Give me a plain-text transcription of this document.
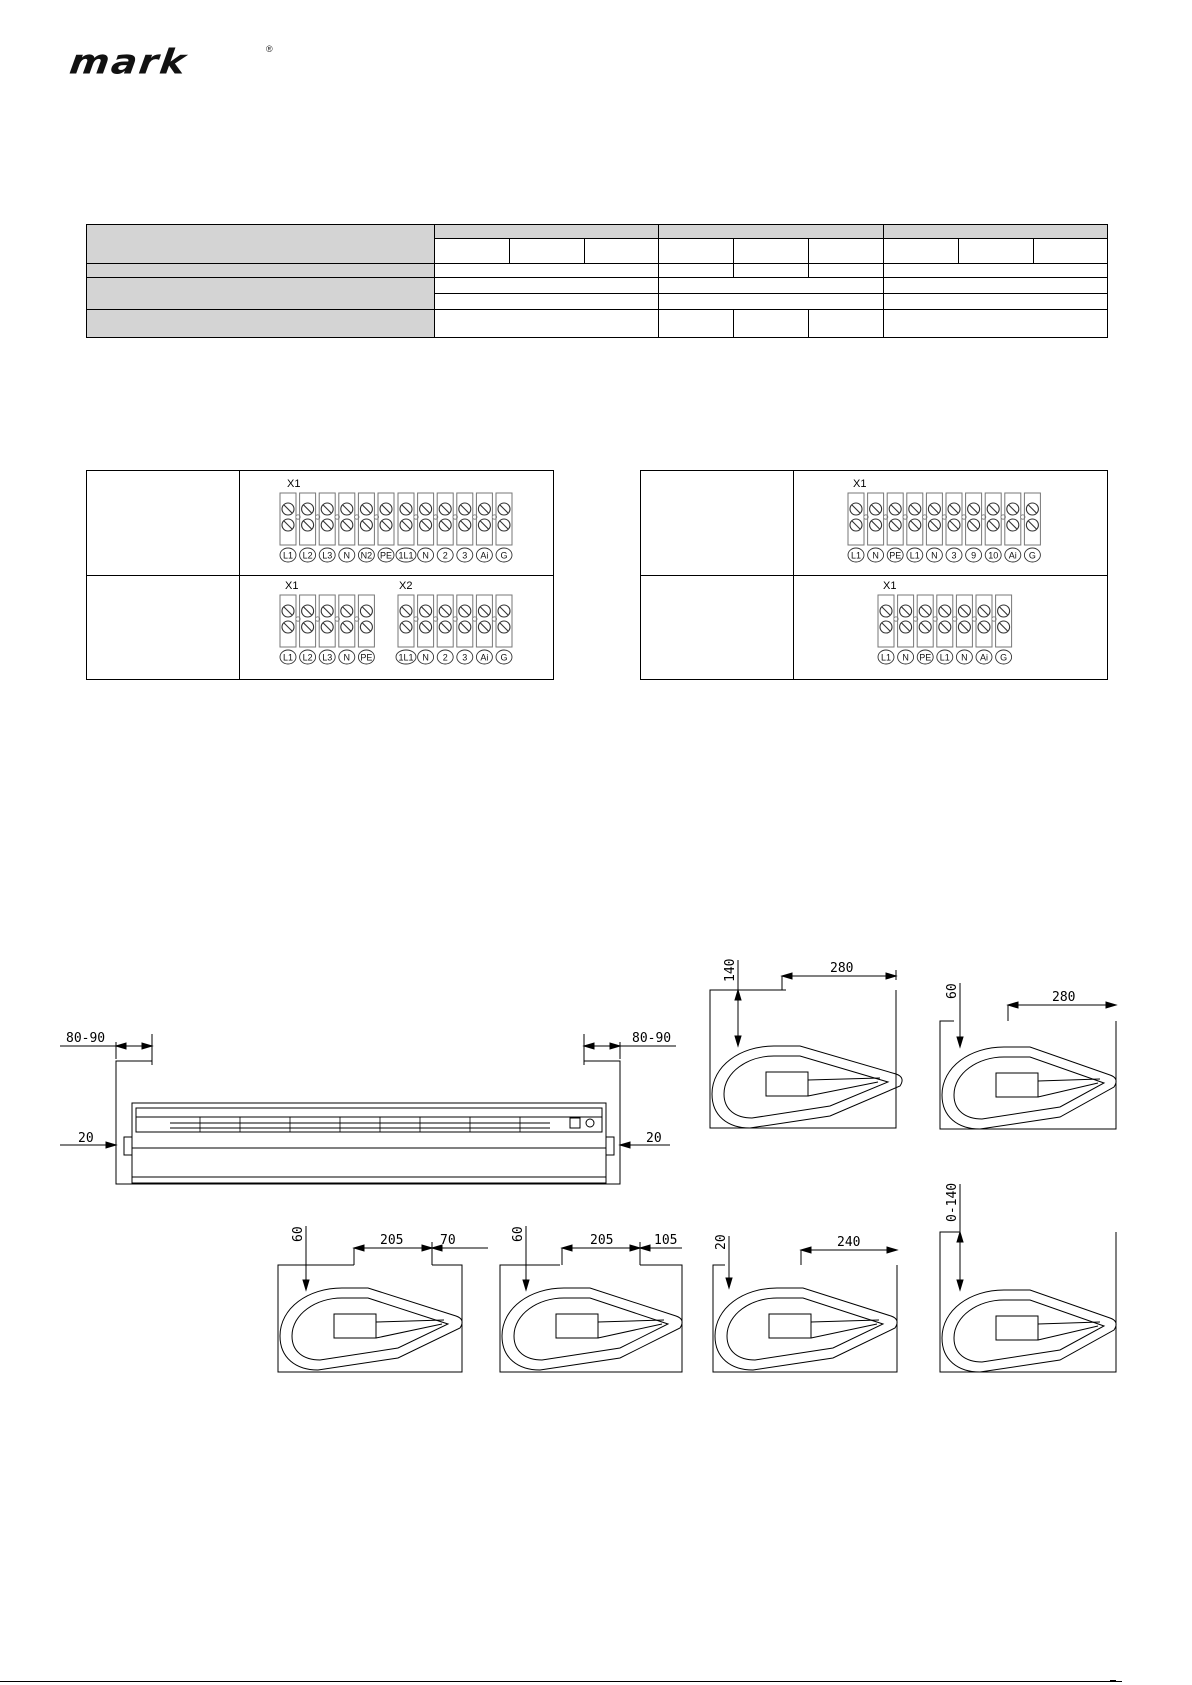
mark	®

X1
L1 L2 L3 N N2 PE 1L1 N 2 3 Ai G
X1	X2
L1 L2 L3 N PE	1L1 N 2 3 Ai G
X1
L1 N PE L1 N 3 9 10 Ai G
X1
L1 N PE L1 N Ai G
80-90	80-90
20	20
280
140
280
60
205	70
60	205	105
60
240
20
0-140
